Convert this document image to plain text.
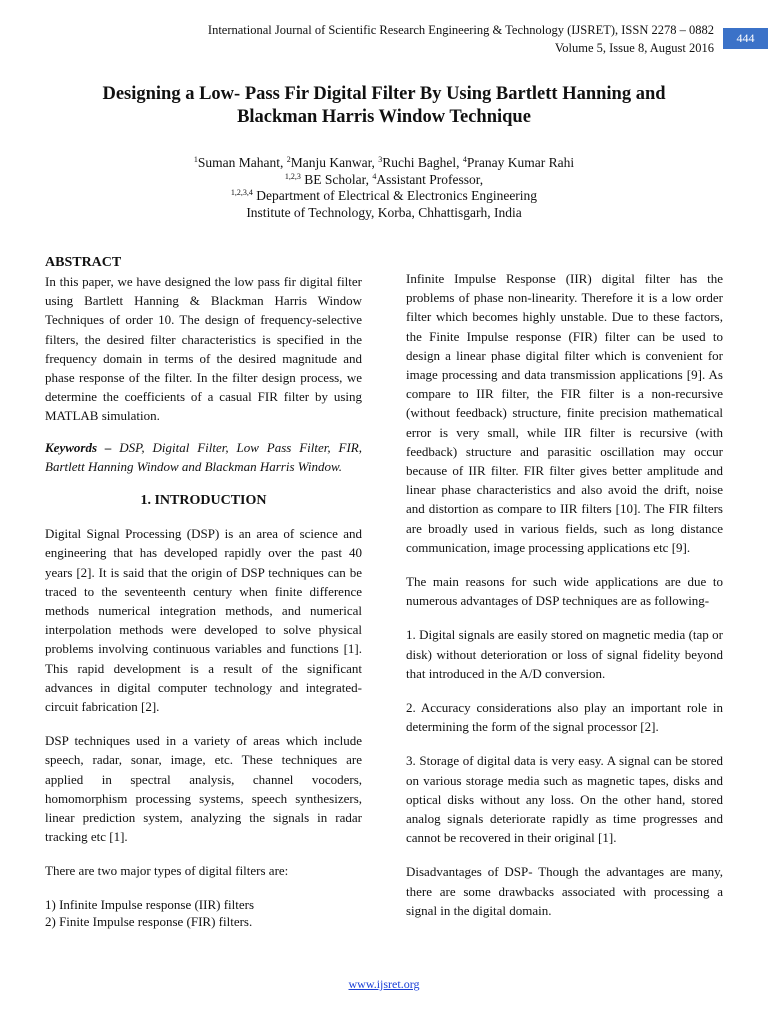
International Journal of Scientific Research Engineering & Technology (IJSRET), ISSN 2278 – 0882
Volume 5, Issue 8, August 2016
444
Designing a Low- Pass Fir Digital Filter By Using Bartlett Hanning and
Blackman Harris Window Technique
$^1$Suman Mahant, $^2$Manju Kanwar, $^3$Ruchi Baghel, $^4$Pranay Kumar Rahi
$^{1,2,3}$ BE Scholar, $^4$Assistant Professor,
$^{1,2,3,4}$ Department of Electrical & Electronics Engineering
Institute of Technology, Korba, Chhattisgarh, India

ABSTRACT

In this paper, we have designed the low pass fir digital filter using Bartlett Hanning & Blackman Harris Window Techniques of order 10. The design of frequency-selective filters, the desired filter characteristics is specified in the frequency domain in terms of the desired magnitude and phase response of the filter. In the filter design process, we determine the coefficients of a casual FIR filter by using MATLAB simulation.

Keywords – DSP, Digital Filter, Low Pass Filter, FIR, Bartlett Hanning Window and Blackman Harris Window.

1. INTRODUCTION

Digital Signal Processing (DSP) is an area of science and engineering that has developed rapidly over the past 40 years [2]. It is said that the origin of DSP techniques can be traced to the seventeenth century when finite difference methods numerical integration methods, and numerical interpolation methods were developed to solve physical problems involving continuous variables and functions [1]. This rapid development is a result of the significant advances in digital computer technology and integrated-circuit fabrication [2].

DSP techniques used in a variety of areas which include speech, radar, sonar, image, etc. These techniques are applied in spectral analysis, channel vocoders, homomorphism processing systems, speech synthesizers, linear prediction system, analyzing the signals in radar tracking etc [1].

There are two major types of digital filters are:

1) Infinite Impulse response (IIR) filters

2) Finite Impulse response (FIR) filters.

Infinite Impulse Response (IIR) digital filter has the problems of phase non-linearity. Therefore it is a low order filter which becomes highly unstable. Due to these factors, the Finite Impulse response (FIR) filter can be used to design a linear phase digital filter which is convenient for image processing and data transmission applications [9]. As compare to IIR filter, the FIR filter is a non-recursive (without feedback) structure, finite precision mathematical error is very small, while IIR filter is recursive (with feedback) structure and parasitic oscillation may occur because of IIR filter. FIR filter gives better amplitude and linear phase characteristics and also avoid the drift, noise and distortion as compare to IIR filters [10]. The FIR filters are broadly used in various fields, such as long distance communication, image processing applications etc [9].

The main reasons for such wide applications are due to numerous advantages of DSP techniques are as following-

1. Digital signals are easily stored on magnetic media (tap or disk) without deterioration or loss of signal fidelity beyond that introduced in the A/D conversion.

2. Accuracy considerations also play an important role in determining the form of the signal processor [2].

3. Storage of digital data is very easy. A signal can be stored on various storage media such as magnetic tapes, disks and optical disks without any loss. On the other hand, stored analog signals deteriorate rapidly as time progresses and cannot be recovered in their original [1].

Disadvantages of DSP- Though the advantages are many, there are some drawbacks associated with processing a signal in the digital domain.

www.ijsret.org
